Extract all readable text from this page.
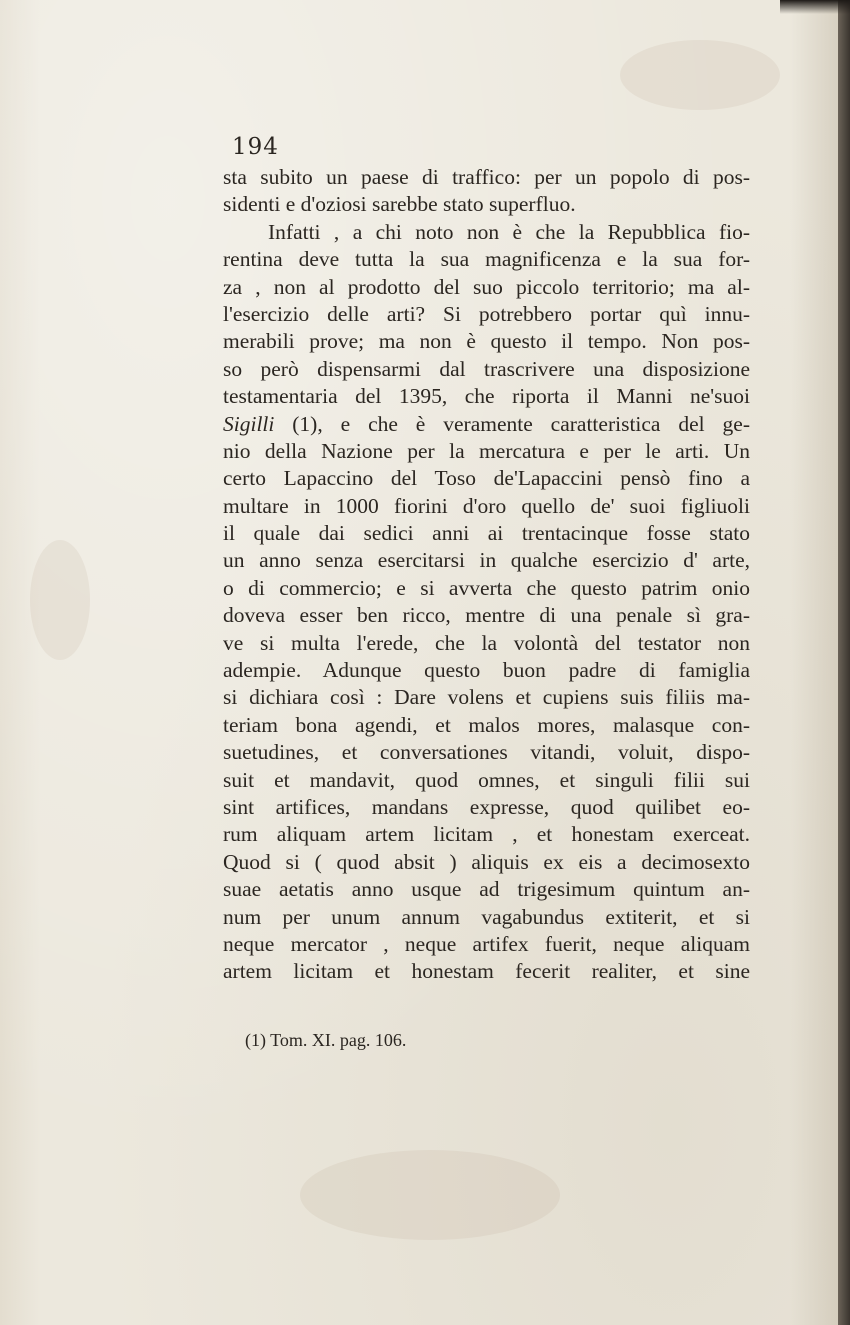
194
sta subito un paese di traffico: per un popolo di pos-
sidenti e d'oziosi sarebbe stato superfluo.
Infatti , a chi noto non è che la Repubblica fio-
rentina deve tutta la sua magnificenza e la sua for-
za , non al prodotto del suo piccolo territorio; ma al-
l'esercizio delle arti? Si potrebbero portar quì innu-
merabili prove; ma non è questo il tempo. Non pos-
so però dispensarmi dal trascrivere una disposizione
testamentaria del 1395, che riporta il Manni ne'suoi
Sigilli (1), e che è veramente caratteristica del ge-
nio della Nazione per la mercatura e per le arti. Un
certo Lapaccino del Toso de'Lapaccini pensò fino a
multare in 1000 fiorini d'oro quello de' suoi figliuoli
il quale dai sedici anni ai trentacinque fosse stato
un anno senza esercitarsi in qualche esercizio d' arte,
o di commercio; e si avverta che questo patrim onio
doveva esser ben ricco, mentre di una penale sì gra-
ve si multa l'erede, che la volontà del testator non
adempie. Adunque questo buon padre di famiglia
si dichiara così : Dare volens et cupiens suis filiis ma-
teriam bona agendi, et malos mores, malasque con-
suetudines, et conversationes vitandi, voluit, dispo-
suit et mandavit, quod omnes, et singuli filii sui
sint artifices, mandans expresse, quod quilibet eo-
rum aliquam artem licitam , et honestam exerceat.
Quod si ( quod absit ) aliquis ex eis a decimosexto
suae aetatis anno usque ad trigesimum quintum an-
num per unum annum vagabundus extiterit, et si
neque mercator , neque artifex fuerit, neque aliquam
artem licitam et honestam fecerit realiter, et sine
(1) Tom. XI. pag. 106.
